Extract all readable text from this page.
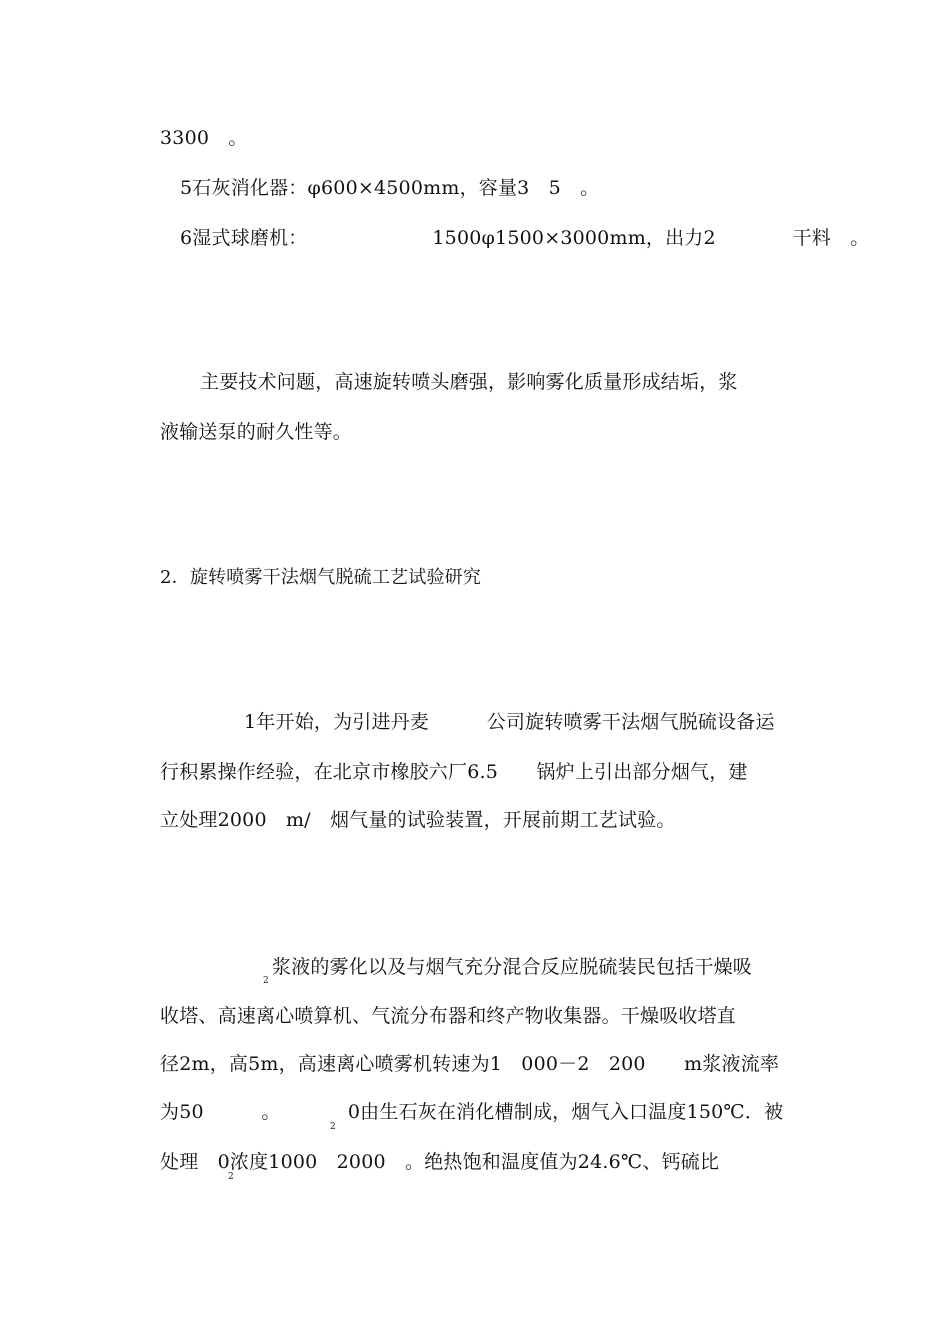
3300　。
5石灰消化器：φ600×4500mm，容量3　5　。
6湿式球磨机：　　　　　　　1500φ1500×3000mm，出力2　　　　干料　。
主要技术问题，高速旋转喷头磨强，影响雾化质量形成结垢，浆
液输送泵的耐久性等。
2．旋转喷雾干法烟气脱硫工艺试验研究
1年开始，为引进丹麦　　　公司旋转喷雾干法烟气脱硫设备运
行积累操作经验，在北京市橡胶六厂6.5　　锅炉上引出部分烟气，建
立处理2000　m/　烟气量的试验装置，开展前期工艺试验。
浆液的雾化以及与烟气充分混合反应脱硫装民包括干燥吸
2
收塔、高速离心喷算机、气流分布器和终产物收集器。干燥吸收塔直
径2m，高5m，高速离心喷雾机转速为1　000－2　200　　m浆液流率
为50　　　。　　　　0由生石灰在消化槽制成，烟气入口温度150℃．被
2
处理　0浓度1000　2000　。绝热饱和温度值为24.6℃、钙硫比
2
